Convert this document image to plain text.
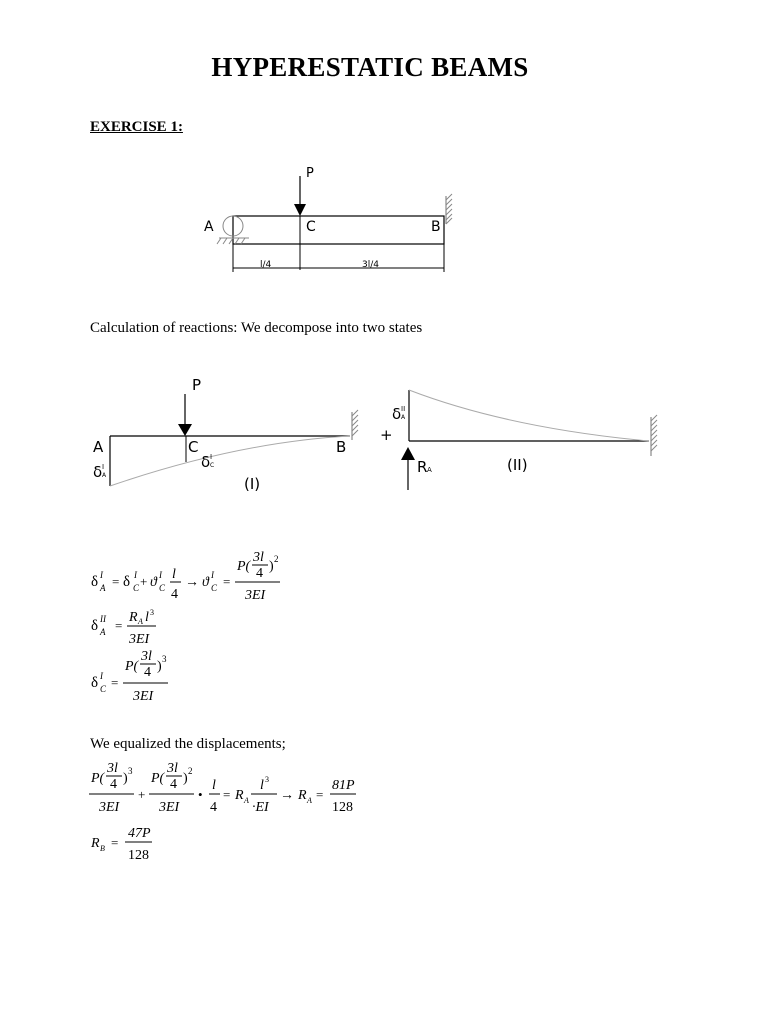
HYPERESTATIC BEAMS
EXERCISE 1:
P
A	C	B
l/4	3l/4
Calculation of reactions: We decompose into two states
P
A	C	B
δ I
A
δ I
C
(I)
+
δ II
A
R A	(II)
δ I
A = δ I
C + ϑ I
C
l
4
→ ϑ I
C =
P(
3l
4 ) 2
3EI
δ II
A =
R A l 3
3EI
δ I
C =
P(
3l
4 ) 3
3EI
We equalized the displacements;
P(
3l
4 ) 3
3EI
+
P(
3l
4 ) 2
3EI
•
l
4
= R A
l 3
·EI
→ R A =
81P
128
R B =
47P
128
